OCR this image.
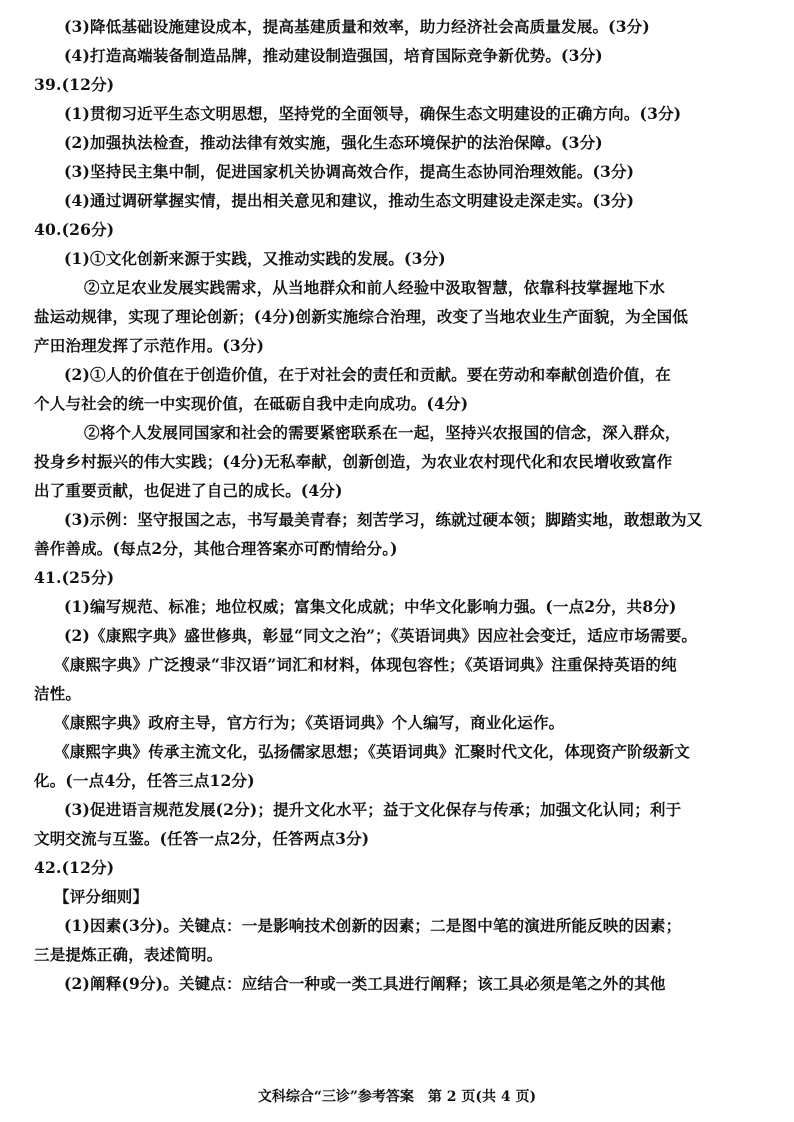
(3)降低基础设施建设成本，提高基建质量和效率，助力经济社会高质量发展。(3分)
(4)打造高端装备制造品牌，推动建设制造强国，培育国际竞争新优势。(3分)
39.(12分)
(1)贯彻习近平生态文明思想，坚持党的全面领导，确保生态文明建设的正确方向。(3分)
(2)加强执法检查，推动法律有效实施，强化生态环境保护的法治保障。(3分)
(3)坚持民主集中制，促进国家机关协调高效合作，提高生态协同治理效能。(3分)
(4)通过调研掌握实情，提出相关意见和建议，推动生态文明建设走深走实。(3分)
40.(26分)
(1)①文化创新来源于实践，又推动实践的发展。(3分)
②立足农业发展实践需求，从当地群众和前人经验中汲取智慧，依靠科技掌握地下水
盐运动规律，实现了理论创新；(4分)创新实施综合治理，改变了当地农业生产面貌，为全国低
产田治理发挥了示范作用。(3分)
(2)①人的价值在于创造价值，在于对社会的责任和贡献。要在劳动和奉献创造价值，在
个人与社会的统一中实现价值，在砥砺自我中走向成功。(4分)
②将个人发展同国家和社会的需要紧密联系在一起，坚持兴农报国的信念，深入群众，
投身乡村振兴的伟大实践；(4分)无私奉献，创新创造，为农业农村现代化和农民增收致富作
出了重要贡献，也促进了自己的成长。(4分)
(3)示例：坚守报国之志，书写最美青春；刻苦学习，练就过硬本领；脚踏实地，敢想敢为又
善作善成。(每点2分，其他合理答案亦可酌情给分。)
41.(25分)
(1)编写规范、标准；地位权威；富集文化成就；中华文化影响力强。(一点2分，共8分)
(2)《康熙字典》盛世修典，彰显“同文之治”；《英语词典》因应社会变迁，适应市场需要。
《康熙字典》广泛搜录“非汉语”词汇和材料，体现包容性；《英语词典》注重保持英语的纯
洁性。
《康熙字典》政府主导，官方行为；《英语词典》个人编写，商业化运作。
《康熙字典》传承主流文化，弘扬儒家思想；《英语词典》汇聚时代文化，体现资产阶级新文
化。(一点4分，任答三点12分)
(3)促进语言规范发展(2分)；提升文化水平；益于文化保存与传承；加强文化认同；利于
文明交流与互鉴。(任答一点2分，任答两点3分)
42.(12分)
【评分细则】
(1)因素(3分)。关键点：一是影响技术创新的因素；二是图中笔的演进所能反映的因素；
三是提炼正确，表述简明。
(2)阐释(9分)。关键点：应结合一种或一类工具进行阐释；该工具必须是笔之外的其他
文科综合“三诊”参考答案　第 2 页(共 4 页)
